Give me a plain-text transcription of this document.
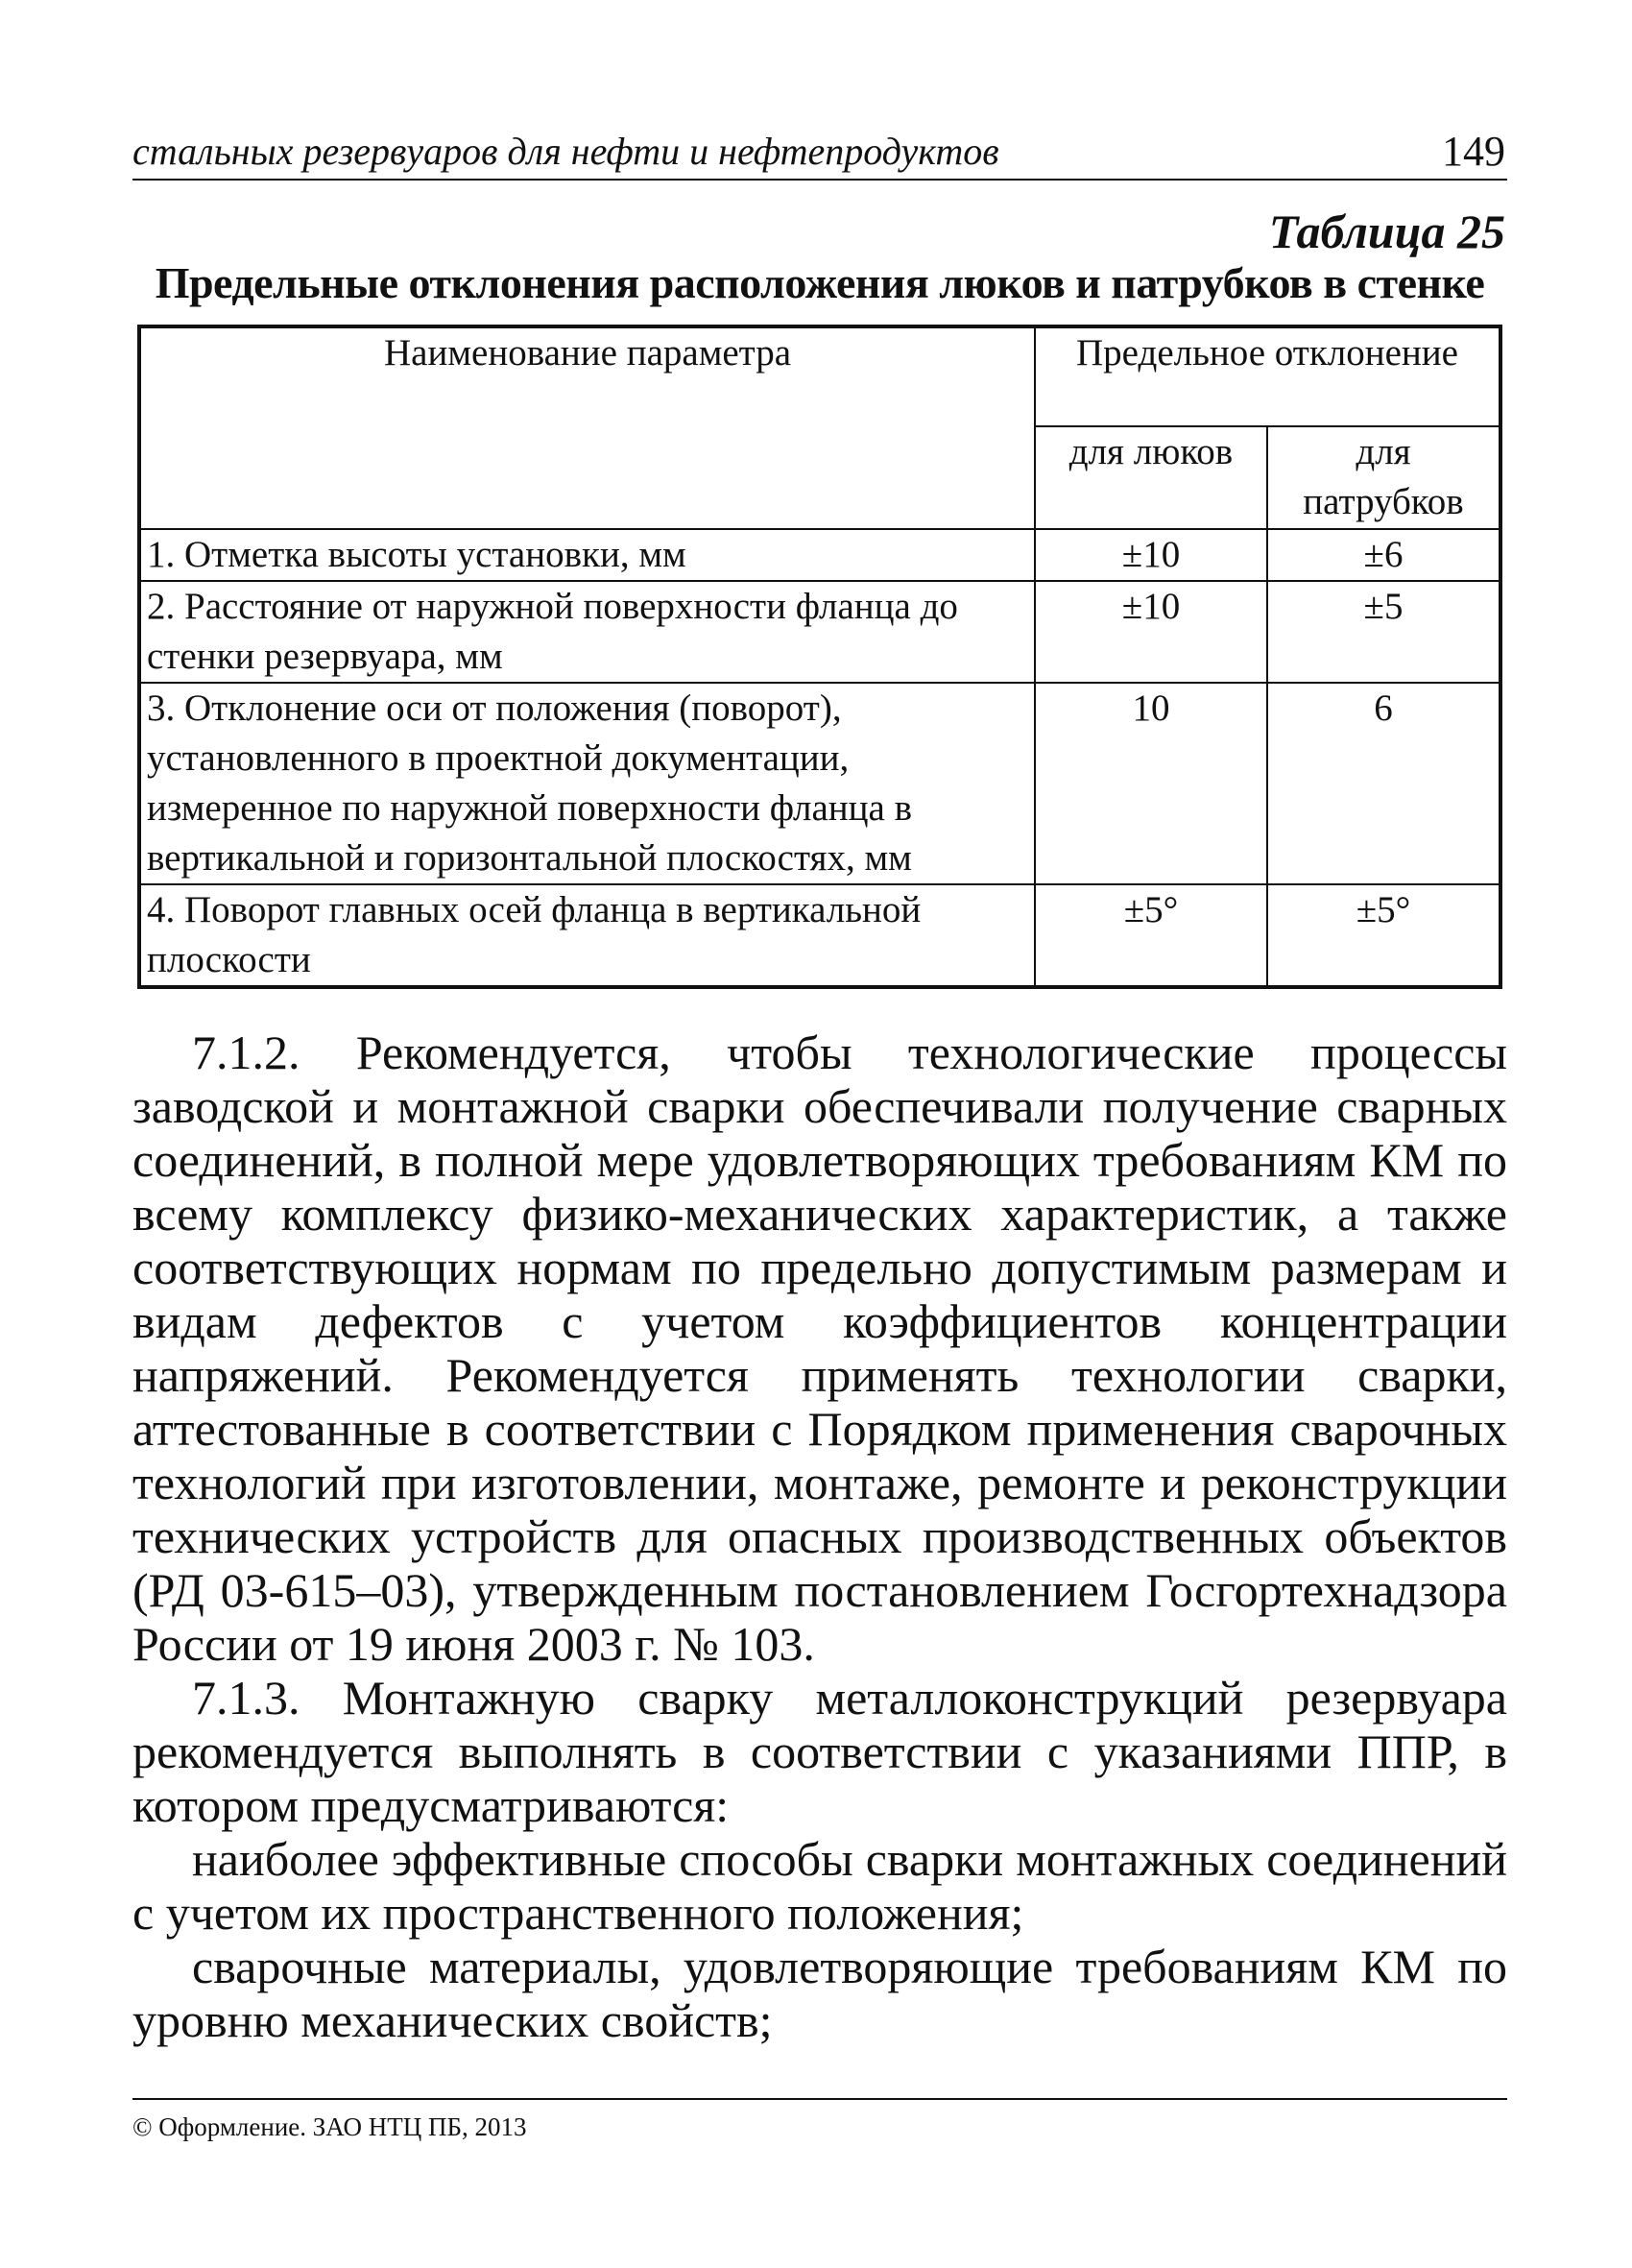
стальных резервуаров для нефти и нефтепродуктов	149
Таблица 25
Предельные отклонения расположения люков и патрубков в стенке
Наименование параметра	Предельное отклонение	
	для люков	для патрубков
1. Отметка высоты установки, мм	±10	±6
2. Расстояние от наружной поверхности фланца до стенки резервуара, мм	±10	±5
3. Отклонение оси от положения (поворот), установленного в проектной документации, измеренное по наружной поверхности фланца в вертикальной и горизонтальной плоскостях, мм	10	6
4. Поворот главных осей фланца в вертикальной плоскости	±5°	±5°

7.1.2. Рекомендуется, чтобы технологические процессы заводской и монтажной сварки обеспечивали получение сварных соединений, в полной мере удовлетворяющих требованиям КМ по всему комплексу физико-механических характеристик, а также соответствующих нормам по предельно допустимым размерам и видам дефектов с учетом коэффициентов концентрации напряжений. Рекомендуется применять технологии сварки, аттестованные в соответствии с Порядком применения сварочных технологий при изготовлении, монтаже, ремонте и реконструкции технических устройств для опасных производственных объектов (РД 03-615–03), утвержденным постановлением Госгортехнадзора России от 19 июня 2003 г. № 103.

7.1.3. Монтажную сварку металлоконструкций резервуара рекомендуется выполнять в соответствии с указаниями ППР, в котором предусматриваются:

наиболее эффективные способы сварки монтажных соединений с учетом их пространственного положения;

сварочные материалы, удовлетворяющие требованиям КМ по уровню механических свойств;

© Оформление. ЗАО НТЦ ПБ, 2013
